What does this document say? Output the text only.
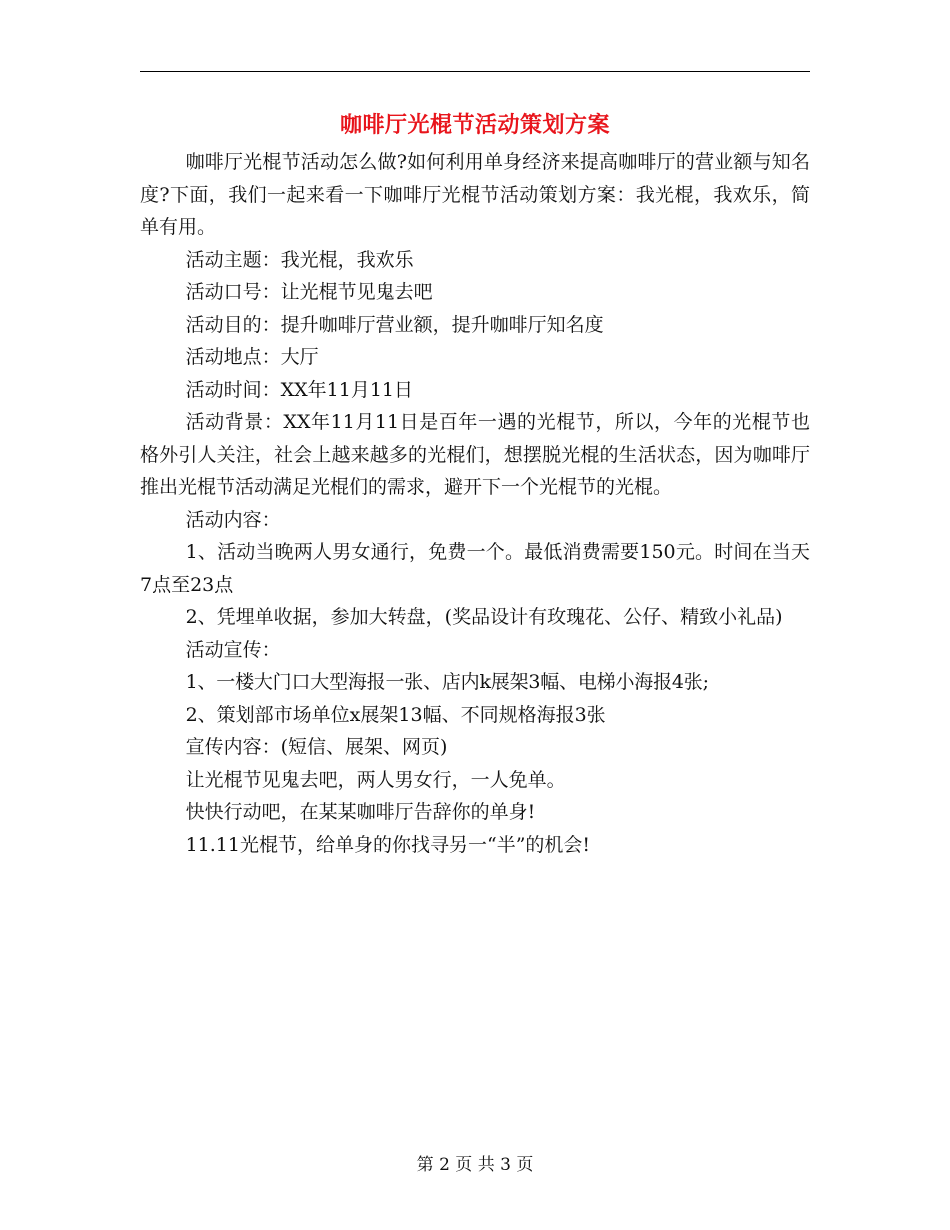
咖啡厅光棍节活动策划方案

咖啡厅光棍节活动怎么做?如何利用单身经济来提高咖啡厅的营业额与知名度?下面，我们一起来看一下咖啡厅光棍节活动策划方案：我光棍，我欢乐，简单有用。

活动主题：我光棍，我欢乐

活动口号：让光棍节见鬼去吧

活动目的：提升咖啡厅营业额，提升咖啡厅知名度

活动地点：大厅

活动时间：XX年11月11日

活动背景：XX年11月11日是百年一遇的光棍节，所以，今年的光棍节也格外引人关注，社会上越来越多的光棍们，想摆脱光棍的生活状态，因为咖啡厅推出光棍节活动满足光棍们的需求，避开下一个光棍节的光棍。

活动内容：

1、活动当晚两人男女通行，免费一个。最低消费需要150元。时间在当天7点至23点

2、凭埋单收据，参加大转盘，(奖品设计有玫瑰花、公仔、精致小礼品)

活动宣传：

1、一楼大门口大型海报一张、店内k展架3幅、电梯小海报4张;

2、策划部市场单位x展架13幅、不同规格海报3张

宣传内容：(短信、展架、网页)

让光棍节见鬼去吧，两人男女行，一人免单。

快快行动吧，在某某咖啡厅告辞你的单身!

11.11光棍节，给单身的你找寻另一“半”的机会!

第 2 页 共 3 页
